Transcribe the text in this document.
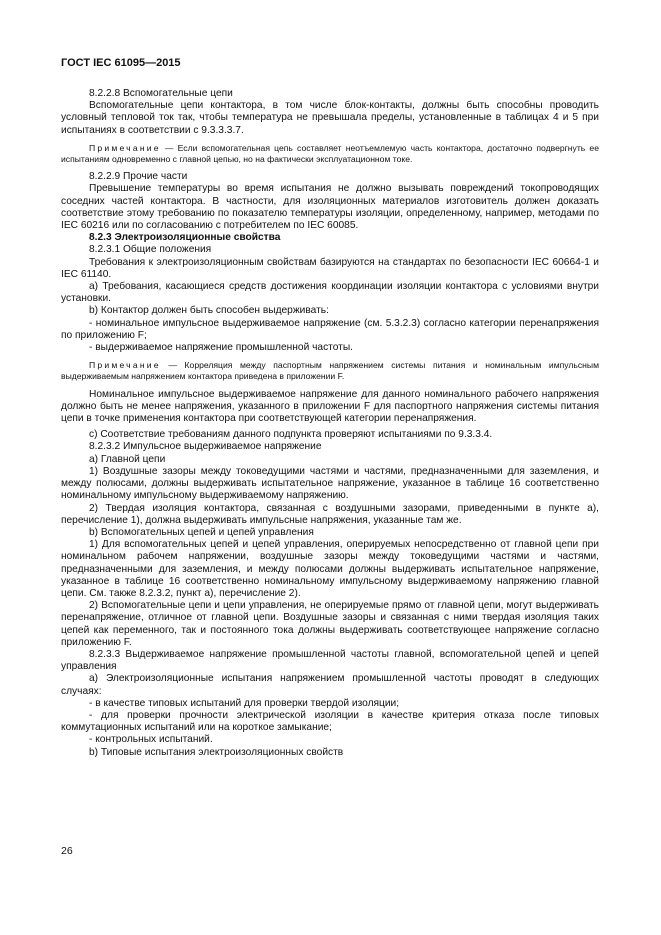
ГОСТ IEC 61095—2015

8.2.2.8 Вспомогательные цепи

Вспомогательные цепи контактора, в том числе блок-контакты, должны быть способны проводить условный тепловой ток так, чтобы температура не превышала пределы, установленные в таблицах 4 и 5 при испытаниях в соответствии с 9.3.3.3.7.

Примечание — Если вспомогательная цепь составляет неотъемлемую часть контактора, достаточно подвергнуть ее испытаниям одновременно с главной цепью, но на фактически эксплуатационном токе.

8.2.2.9 Прочие части

Превышение температуры во время испытания не должно вызывать повреждений токопроводящих соседних частей контактора. В частности, для изоляционных материалов изготовитель должен доказать соответствие этому требованию по показателю температуры изоляции, определенному, например, методами по IEC 60216 или по согласованию с потребителем по IEC 60085.

8.2.3 Электроизоляционные свойства

8.2.3.1 Общие положения

Требования к электроизоляционным свойствам базируются на стандартах по безопасности IEC 60664-1 и IEC 61140.

a) Требования, касающиеся средств достижения координации изоляции контактора с условиями внутри установки.

b) Контактор должен быть способен выдерживать:

- номинальное импульсное выдерживаемое напряжение (см. 5.3.2.3) согласно категории перенапряжения по приложению F;

- выдерживаемое напряжение промышленной частоты.

Примечание — Корреляция между паспортным напряжением системы питания и номинальным импульсным выдерживаемым напряжением контактора приведена в приложении F.

Номинальное импульсное выдерживаемое напряжение для данного номинального рабочего напряжения должно быть не менее напряжения, указанного в приложении F для паспортного напряжения системы питания цепи в точке применения контактора при соответствующей категории перенапряжения.

c) Соответствие требованиям данного подпункта проверяют испытаниями по 9.3.3.4.

8.2.3.2 Импульсное выдерживаемое напряжение

a) Главной цепи

1) Воздушные зазоры между токоведущими частями и частями, предназначенными для заземления, и между полюсами, должны выдерживать испытательное напряжение, указанное в таблице 16 соответственно номинальному импульсному выдерживаемому напряжению.

2) Твердая изоляция контактора, связанная с воздушными зазорами, приведенными в пункте а), перечисление 1), должна выдерживать импульсные напряжения, указанные там же.

b) Вспомогательных цепей и цепей управления

1) Для вспомогательных цепей и цепей управления, оперируемых непосредственно от главной цепи при номинальном рабочем напряжении, воздушные зазоры между токоведущими частями и частями, предназначенными для заземления, и между полюсами должны выдерживать испытательное напряжение, указанное в таблице 16 соответственно номинальному импульсному выдерживаемому напряжению главной цепи. См. также 8.2.3.2, пункт а), перечисление 2).

2) Вспомогательные цепи и цепи управления, не оперируемые прямо от главной цепи, могут выдерживать перенапряжение, отличное от главной цепи. Воздушные зазоры и связанная с ними твердая изоляция таких цепей как переменного, так и постоянного тока должны выдерживать соответствующее напряжение согласно приложению F.

8.2.3.3 Выдерживаемое напряжение промышленной частоты главной, вспомогательной цепей и цепей управления

a) Электроизоляционные испытания напряжением промышленной частоты проводят в следующих случаях:

- в качестве типовых испытаний для проверки твердой изоляции;

- для проверки прочности электрической изоляции в качестве критерия отказа после типовых коммутационных испытаний или на короткое замыкание;

- контрольных испытаний.

b) Типовые испытания электроизоляционных свойств

26
